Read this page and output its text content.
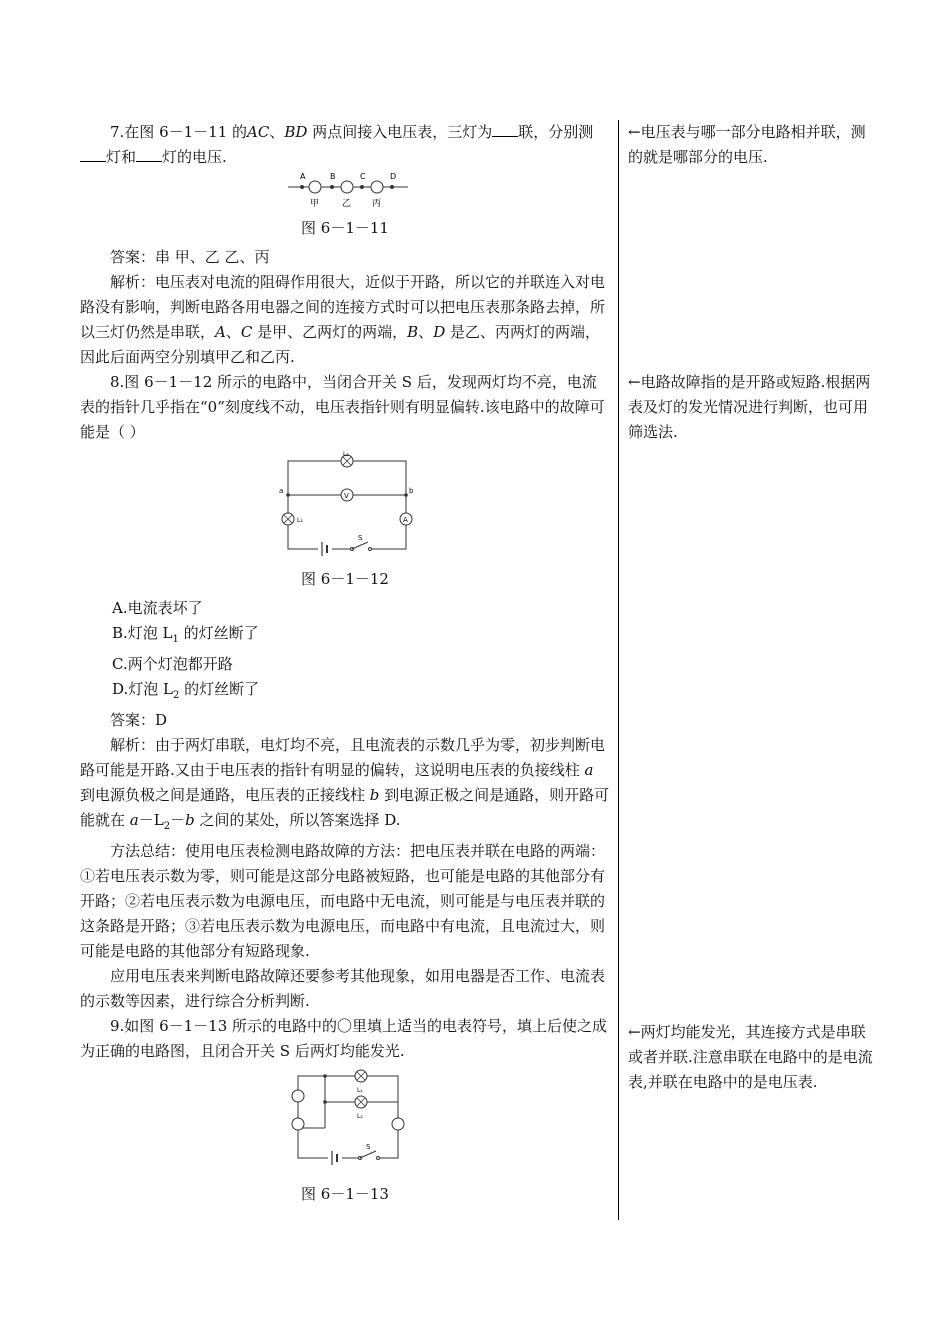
7.在图 6－1－11 的AC、BD 两点间接入电压表，三灯为 联，分别测灯和 灯的电压.

A	B	C	D
甲	乙 丙

图 6－1－11

答案：串 甲、乙 乙、丙

解析：电压表对电流的阻碍作用很大，近似于开路，所以它的并联连入对电路没有影响，判断电路各用电器之间的连接方式时可以把电压表那条路去掉，所以三灯仍然是串联，A、C 是甲、乙两灯的两端，B、D 是乙、丙两灯的两端，因此后面两空分别填甲乙和乙丙.

8.图 6－1－12 所示的电路中，当闭合开关 S 后，发现两灯均不亮，电流表的指针几乎指在“0”刻度线不动，电压表指针则有明显偏转.该电路中的故障可能是（ ）

L₂
a	b
V
L₁	A
S

图 6－1－12

A.电流表坏了

B.灯泡 $L_1$ 的灯丝断了

C.两个灯泡都开路

D.灯泡 $L_2$ 的灯丝断了

答案：D

解析：由于两灯串联，电灯均不亮，且电流表的示数几乎为零，初步判断电路可能是开路.又由于电压表的指针有明显的偏转，这说明电压表的负接线柱 a 到电源负极之间是通路，电压表的正接线柱 b 到电源正极之间是通路，则开路可能就在 $a-L_2-b$ 之间的某处，所以答案选择 D.

方法总结：使用电压表检测电路故障的方法：把电压表并联在电路的两端：①若电压表示数为零，则可能是这部分电路被短路，也可能是电路的其他部分有开路；②若电压表示数为电源电压，而电路中无电流，则可能是与电压表并联的这条路是开路；③若电压表示数为电源电压，而电路中有电流，且电流过大，则可能是电路的其他部分有短路现象.

应用电压表来判断电路故障还要参考其他现象，如用电器是否工作、电流表的示数等因素，进行综合分析判断.

9.如图 6－1－13 所示的电路中的〇里填上适当的电表符号，填上后使之成为正确的电路图，且闭合开关 S 后两灯均能发光.

L₁
L₂
S

图 6－1－13

←电压表与哪一部分电路相并联，测的就是哪部分的电压.

←电路故障指的是开路或短路.根据两表及灯的发光情况进行判断，也可用筛选法.

←两灯均能发光，其连接方式是串联或者并联.注意串联在电路中的是电流表,并联在电路中的是电压表.
